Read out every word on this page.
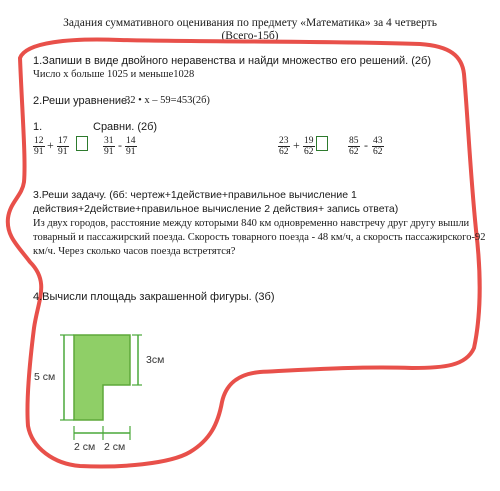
Задания суммативного оценивания по предмету «Математика» за 4 четверть
(Всего-15б)
1.Запиши в виде двойного неравенства и найди множество его решений. (2б)
Число х больше 1025 и меньше1028
2.Реши уравнение.
32 • х – 59=453(2б)
1.	Сравни. (2б)
$\frac{12}{91} + \frac{17}{91}$	$\frac{31}{91} - \frac{14}{91}$	$\frac{23}{62} + \frac{19}{62}$	$\frac{85}{62} - \frac{43}{62}$
3.Реши задачу. (6б: чертеж+1действие+правильное вычисление 1
действия+2действие+правильное вычисление 2 действия+ запись ответа)
Из двух городов, расстояние между которыми 840 км одновременно навстречу друг другу вышли
товарный и пассажирский поезда. Скорость товарного поезда - 48 км/ч, а скорость пассажирского-92
км/ч. Через сколько часов поезда встретятся?
4.Вычисли площадь закрашенной фигуры. (3б)
5 см
3см
2 см 2 см
